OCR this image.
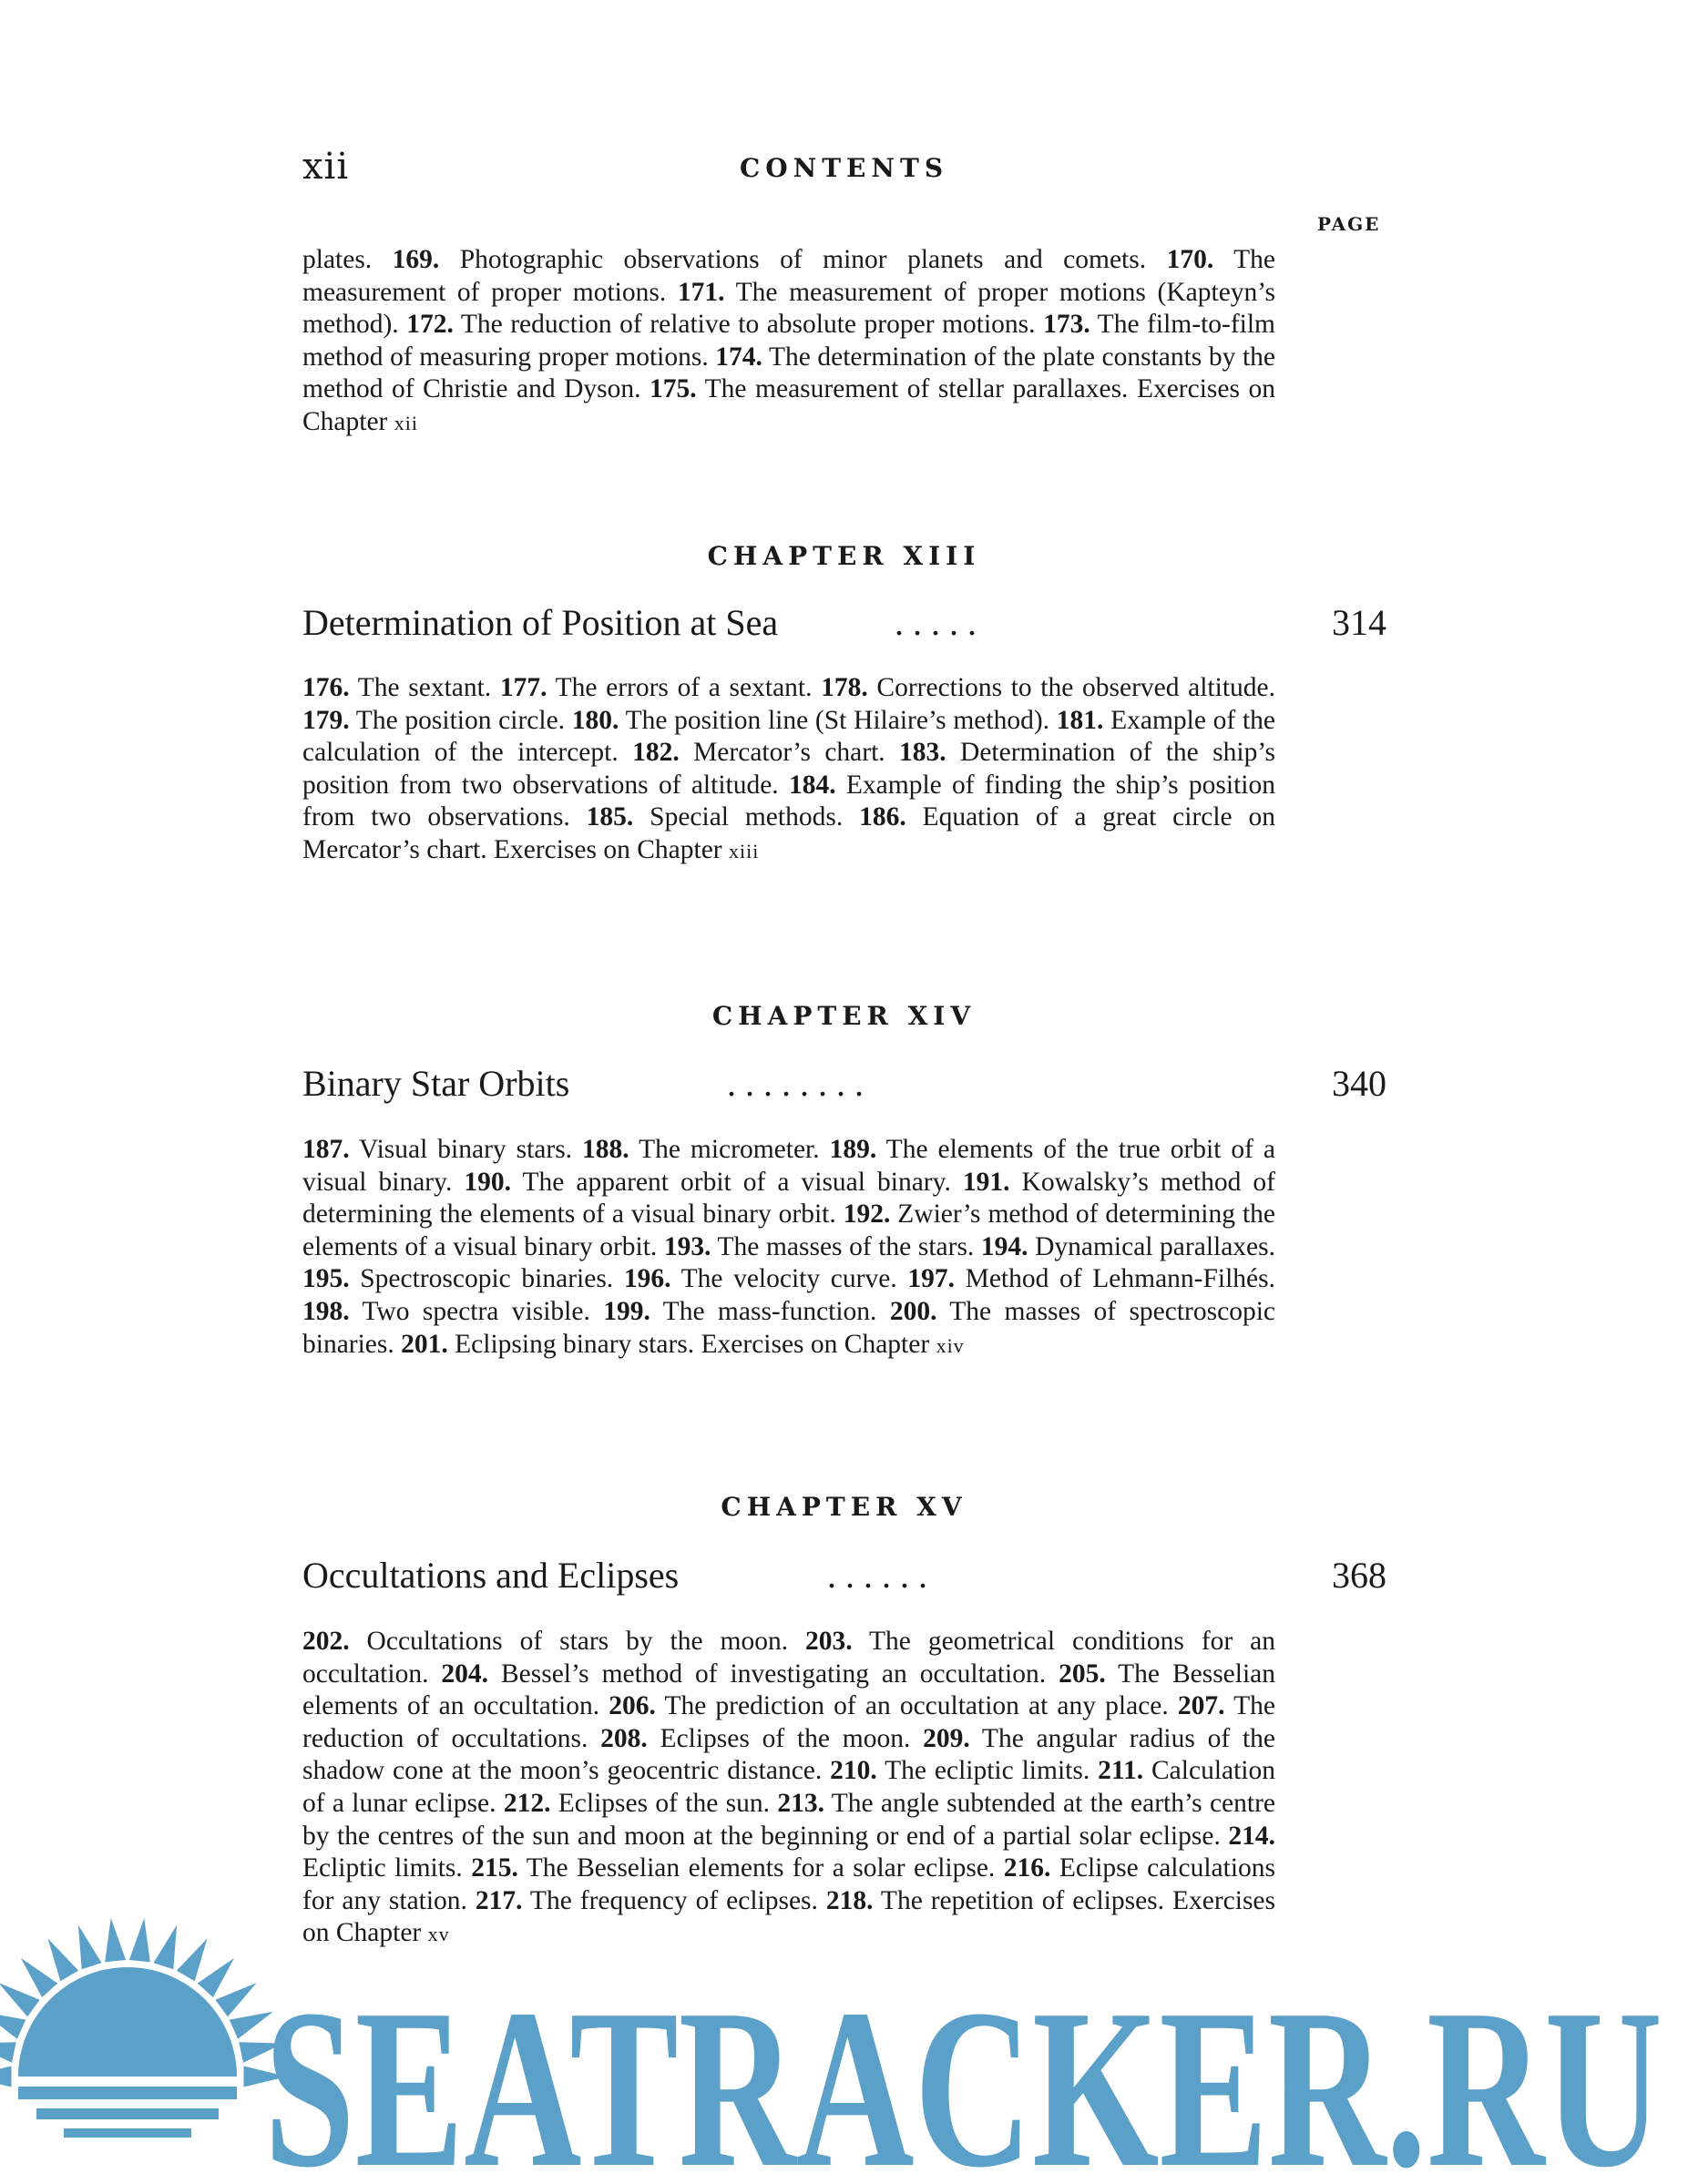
xii	CONTENTS
PAGE

plates. 169. Photographic observations of minor planets and comets. 170. The measurement of proper motions. 171. The measurement of proper motions (Kapteyn’s method). 172. The reduction of relative to absolute proper motions. 173. The film-to-film method of measuring proper motions. 174. The determination of the plate constants by the method of Christie and Dyson. 175. The measurement of stellar parallaxes. Exercises on Chapter xii

CHAPTER XIII
Determination of Position at Sea	. . . . .	314

176. The sextant. 177. The errors of a sextant. 178. Corrections to the observed altitude. 179. The position circle. 180. The position line (St Hilaire’s method). 181. Example of the calculation of the intercept. 182. Mercator’s chart. 183. Determination of the ship’s position from two observations of altitude. 184. Example of finding the ship’s position from two observations. 185. Special methods. 186. Equation of a great circle on Mercator’s chart. Exercises on Chapter xiii

CHAPTER XIV
Binary Star Orbits	. . . . . . . .	340

187. Visual binary stars. 188. The micrometer. 189. The elements of the true orbit of a visual binary. 190. The apparent orbit of a visual binary. 191. Kowalsky’s method of determining the elements of a visual binary orbit. 192. Zwier’s method of determining the elements of a visual binary orbit. 193. The masses of the stars. 194. Dynamical parallaxes. 195. Spectroscopic binaries. 196. The velocity curve. 197. Method of Lehmann-Filhés. 198. Two spectra visible. 199. The mass-function. 200. The masses of spectroscopic binaries. 201. Eclipsing binary stars. Exercises on Chapter xiv

CHAPTER XV
Occultations and Eclipses	. . . . . .	368

202. Occultations of stars by the moon. 203. The geometrical conditions for an occultation. 204. Bessel’s method of investigating an occultation. 205. The Besselian elements of an occultation. 206. The prediction of an occultation at any place. 207. The reduction of occultations. 208. Eclipses of the moon. 209. The angular radius of the shadow cone at the moon’s geocentric distance. 210. The ecliptic limits. 211. Calculation of a lunar eclipse. 212. Eclipses of the sun. 213. The angle subtended at the earth’s centre by the centres of the sun and moon at the beginning or end of a partial solar eclipse. 214. Ecliptic limits. 215. The Besselian elements for a solar eclipse. 216. Eclipse calculations for any station. 217. The frequency of eclipses. 218. The repetition of eclipses. Exercises on Chapter xv

SEATRACKER.RU
